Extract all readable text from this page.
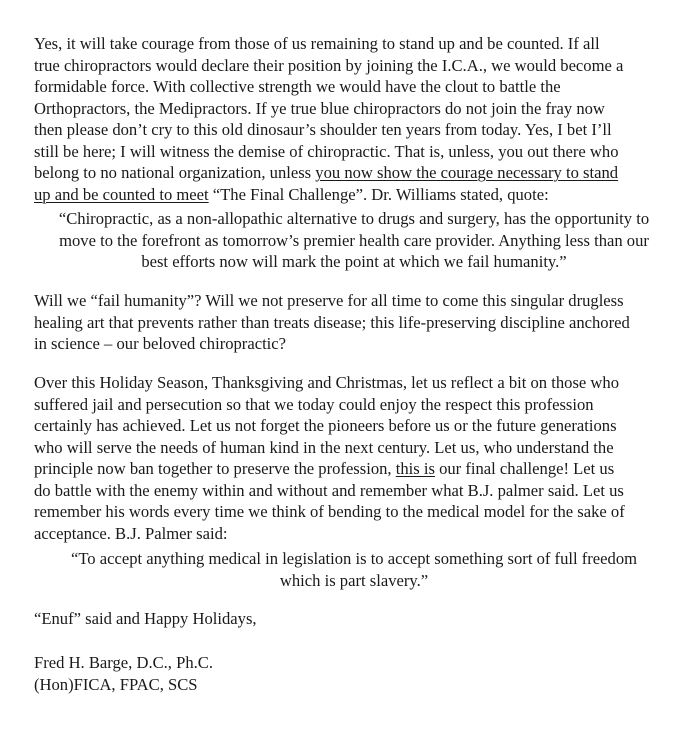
Yes, it will take courage from those of us remaining to stand up and be counted. If all
true chiropractors would declare their position by joining the I.C.A., we would become a
formidable force. With collective strength we would have the clout to battle the
Orthopractors, the Medipractors. If ye true blue chiropractors do not join the fray now
then please don’t cry to this old dinosaur’s shoulder ten years from today. Yes, I bet I’ll
still be here; I will witness the demise of chiropractic. That is, unless, you out there who
belong to no national organization, unless you now show the courage necessary to stand
up and be counted to meet “The Final Challenge”. Dr. Williams stated, quote:
“Chiropractic, as a non-allopathic alternative to drugs and surgery, has the opportunity to
move to the forefront as tomorrow’s premier health care provider. Anything less than our
best efforts now will mark the point at which we fail humanity.”
Will we “fail humanity”? Will we not preserve for all time to come this singular drugless
healing art that prevents rather than treats disease; this life-preserving discipline anchored
in science – our beloved chiropractic?
Over this Holiday Season, Thanksgiving and Christmas, let us reflect a bit on those who
suffered jail and persecution so that we today could enjoy the respect this profession
certainly has achieved. Let us not forget the pioneers before us or the future generations
who will serve the needs of human kind in the next century. Let us, who understand the
principle now ban together to preserve the profession, this is our final challenge! Let us
do battle with the enemy within and without and remember what B.J. palmer said. Let us
remember his words every time we think of bending to the medical model for the sake of
acceptance. B.J. Palmer said:
“To accept anything medical in legislation is to accept something sort of full freedom
which is part slavery.”
“Enuf” said and Happy Holidays,
Fred H. Barge, D.C., Ph.C.
(Hon)FICA, FPAC, SCS
